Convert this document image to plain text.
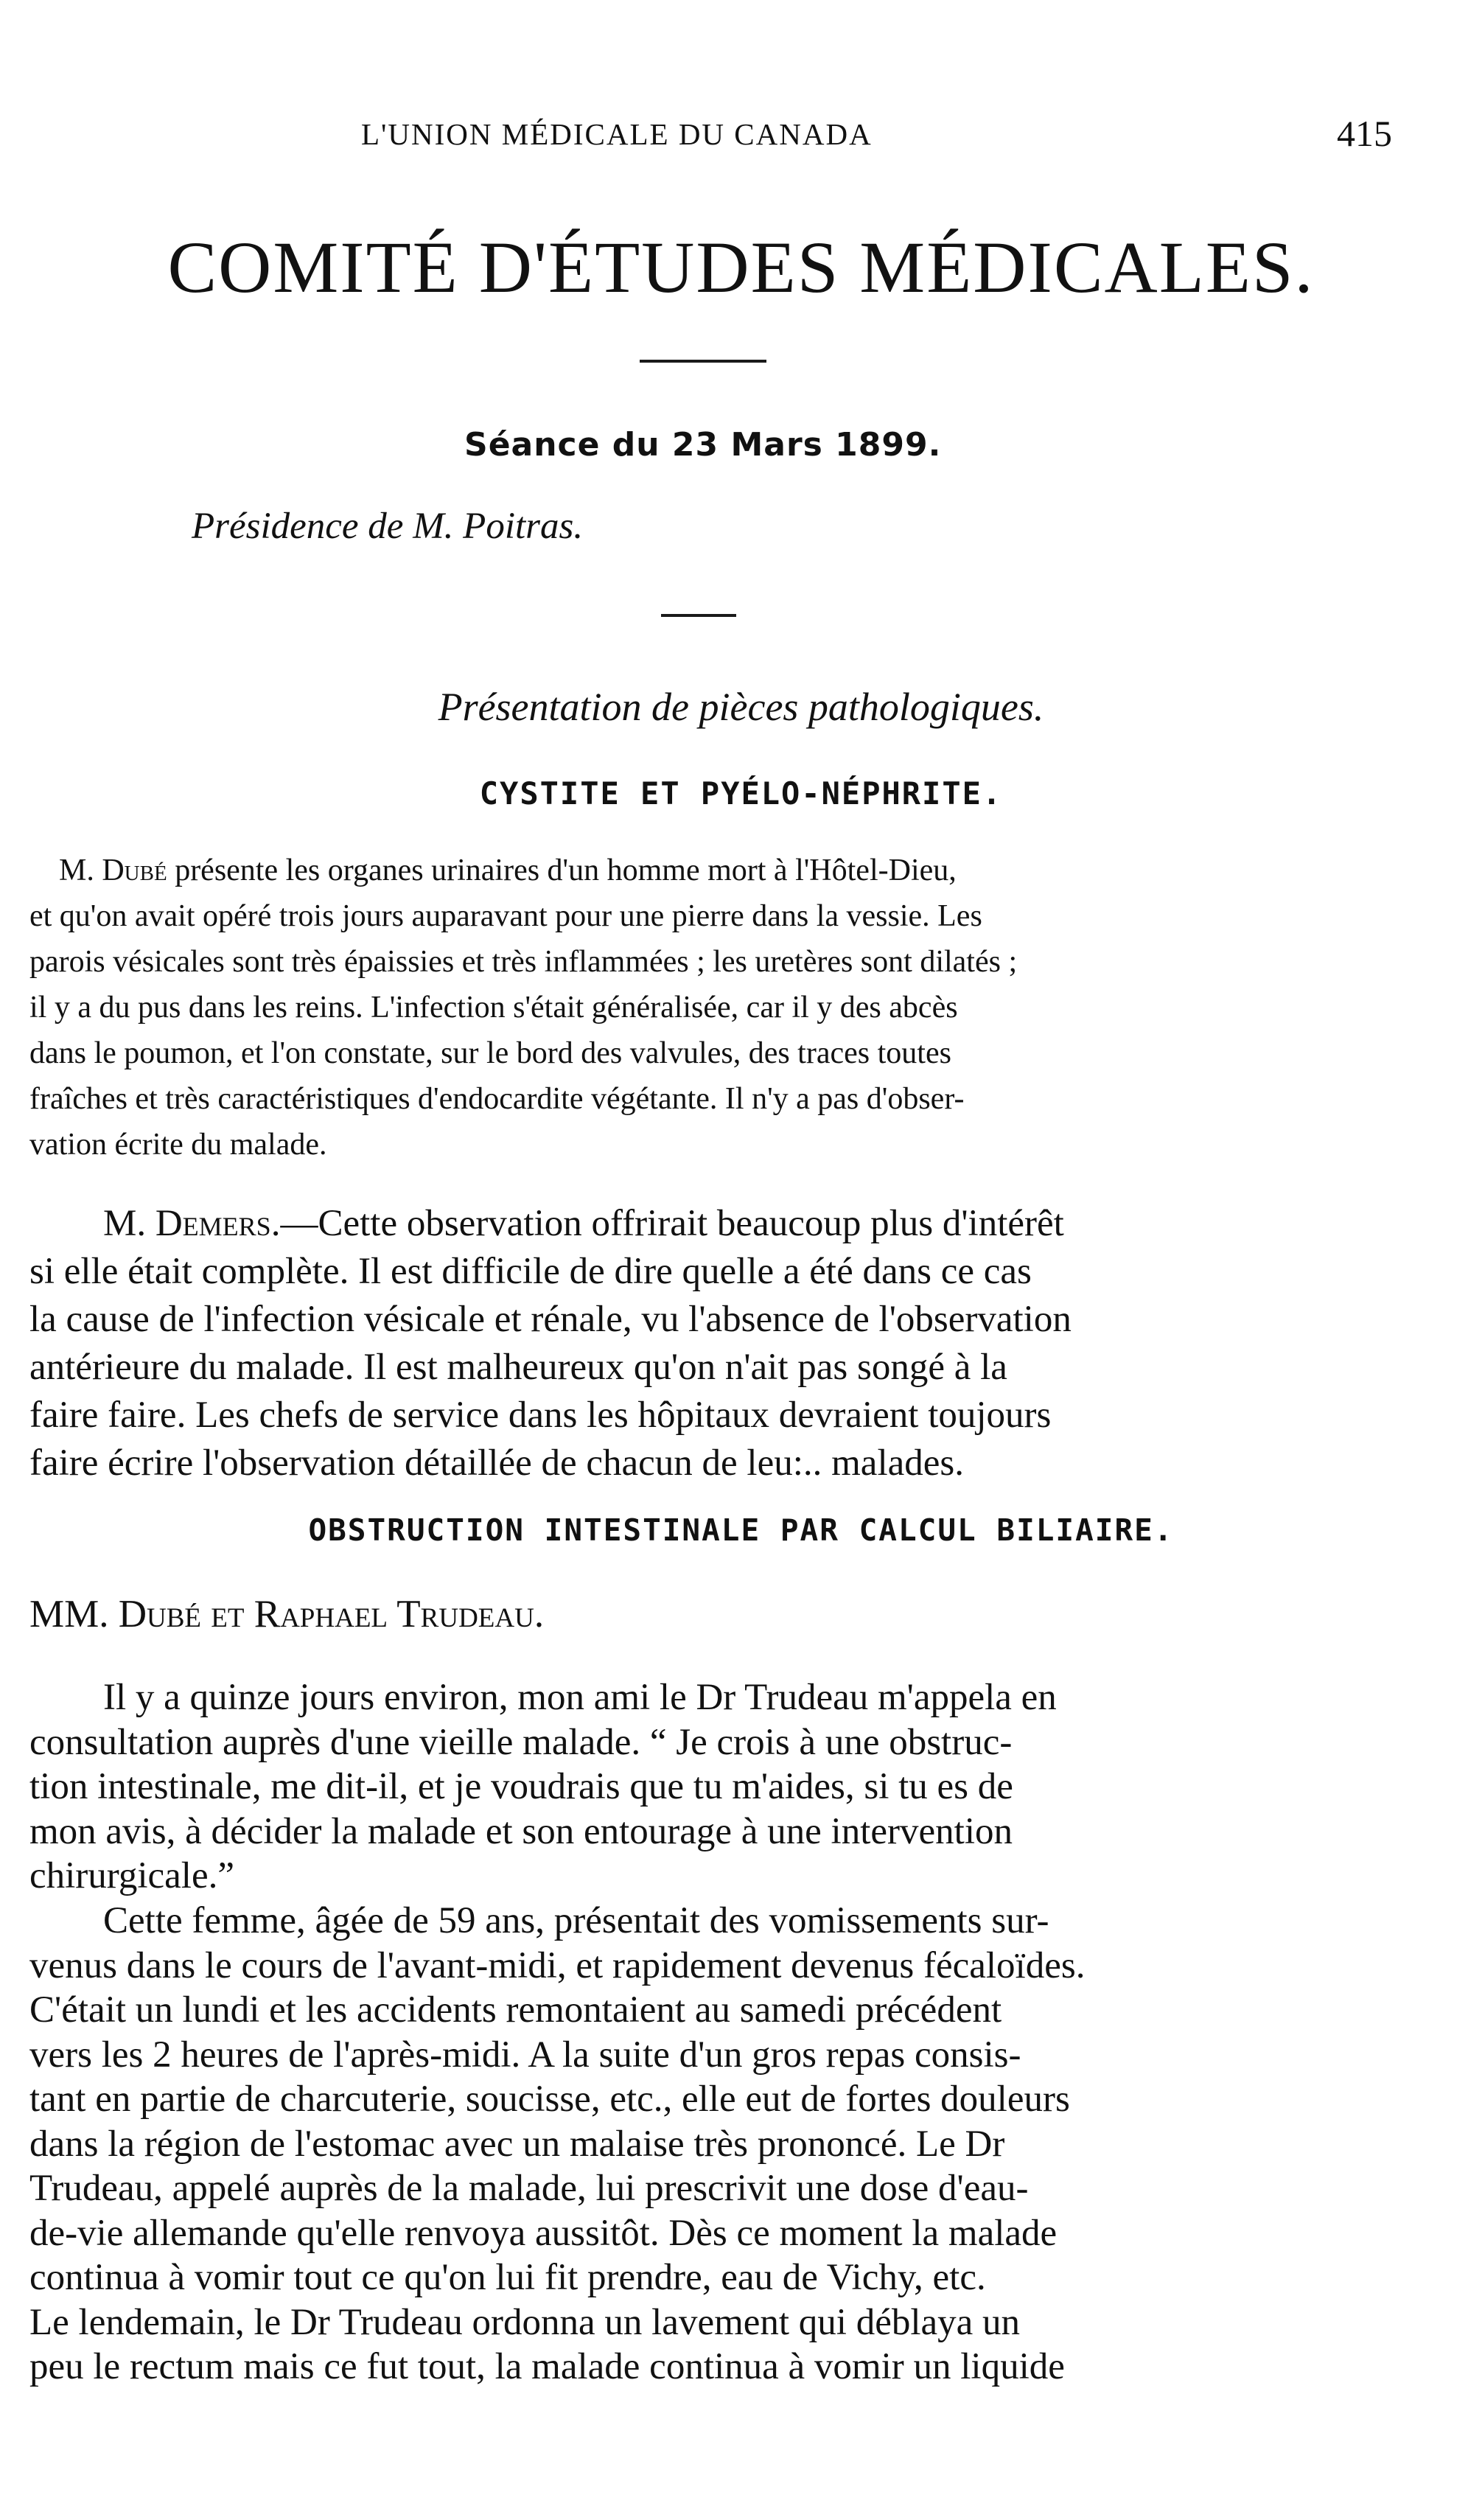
L'UNION MÉDICALE DU CANADA	415
COMITÉ D'ÉTUDES MÉDICALES.
Séance du 23 Mars 1899.
Présidence de M. Poitras.
Présentation de pièces pathologiques.
CYSTITE ET PYÉLO-NÉPHRITE.
M. Dubé présente les organes urinaires d'un homme mort à l'Hôtel-Dieu,
et qu'on avait opéré trois jours auparavant pour une pierre dans la vessie. Les
parois vésicales sont très épaissies et très inflammées ; les uretères sont dilatés ;
il y a du pus dans les reins. L'infection s'était généralisée, car il y des abcès
dans le poumon, et l'on constate, sur le bord des valvules, des traces toutes
fraîches et très caractéristiques d'endocardite végétante. Il n'y a pas d'obser-
vation écrite du malade.
M. Demers.—Cette observation offrirait beaucoup plus d'intérêt
si elle était complète. Il est difficile de dire quelle a été dans ce cas
la cause de l'infection vésicale et rénale, vu l'absence de l'observation
antérieure du malade. Il est malheureux qu'on n'ait pas songé à la
faire faire. Les chefs de service dans les hôpitaux devraient toujours
faire écrire l'observation détaillée de chacun de leu:.. malades.
OBSTRUCTION INTESTINALE PAR CALCUL BILIAIRE.
MM. Dubé et Raphael Trudeau.
Il y a quinze jours environ, mon ami le Dr Trudeau m'appela en
consultation auprès d'une vieille malade. “ Je crois à une obstruc-
tion intestinale, me dit-il, et je voudrais que tu m'aides, si tu es de
mon avis, à décider la malade et son entourage à une intervention
chirurgicale.”
Cette femme, âgée de 59 ans, présentait des vomissements sur-
venus dans le cours de l'avant-midi, et rapidement devenus fécaloïdes.
C'était un lundi et les accidents remontaient au samedi précédent
vers les 2 heures de l'après-midi. A la suite d'un gros repas consis-
tant en partie de charcuterie, soucisse, etc., elle eut de fortes douleurs
dans la région de l'estomac avec un malaise très prononcé. Le Dr
Trudeau, appelé auprès de la malade, lui prescrivit une dose d'eau-
de-vie allemande qu'elle renvoya aussitôt. Dès ce moment la malade
continua à vomir tout ce qu'on lui fit prendre, eau de Vichy, etc.
Le lendemain, le Dr Trudeau ordonna un lavement qui déblaya un
peu le rectum mais ce fut tout, la malade continua à vomir un liquide
